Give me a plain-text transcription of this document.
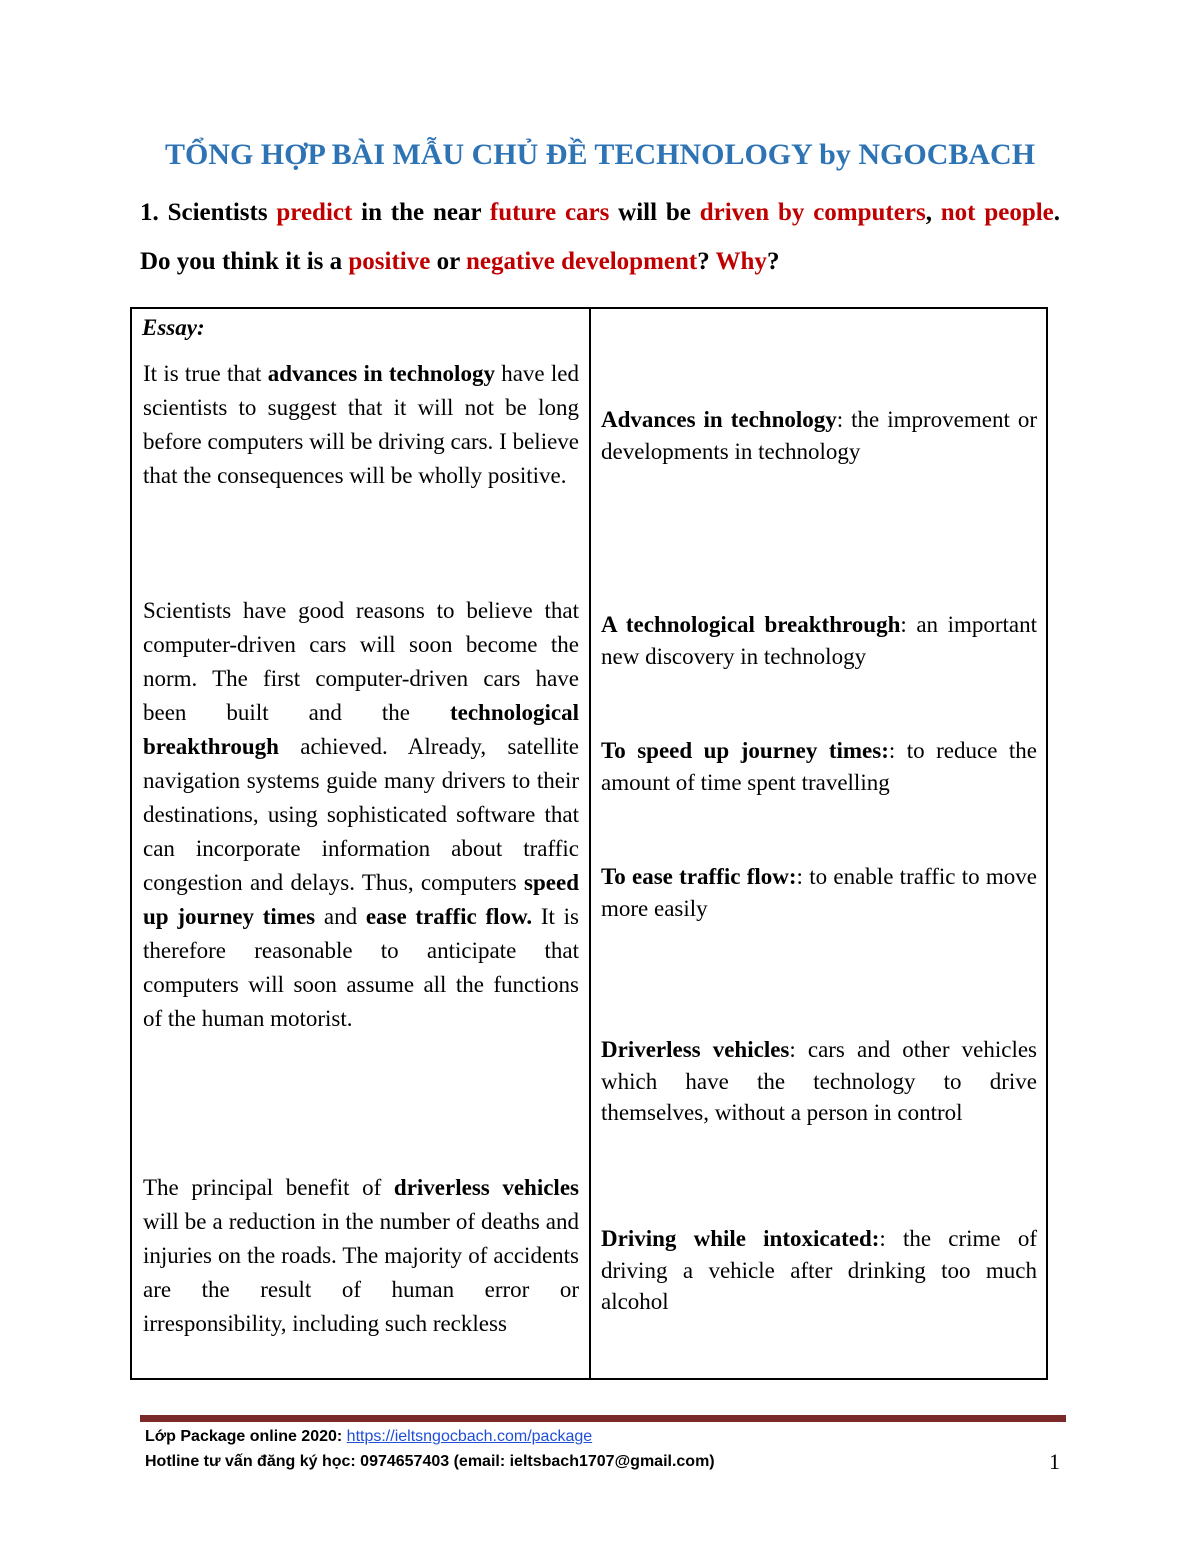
TỔNG HỢP BÀI MẪU CHỦ ĐỀ TECHNOLOGY by NGOCBACH

1. Scientists predict in the near future cars will be driven by computers, not people. Do you think it is a positive or negative development? Why?

Essay:

It is true that advances in technology have led scientists to suggest that it will not be long before computers will be driving cars. I believe that the consequences will be wholly positive.

Scientists have good reasons to believe that computer-driven cars will soon become the norm. The first computer-driven cars have been built and the technological breakthrough achieved. Already, satellite navigation systems guide many drivers to their destinations, using sophisticated software that can incorporate information about traffic congestion and delays. Thus, computers speed up journey times and ease traffic flow. It is therefore reasonable to anticipate that computers will soon assume all the functions of the human motorist.

The principal benefit of driverless vehicles will be a reduction in the number of deaths and injuries on the roads. The majority of accidents are the result of human error or irresponsibility, including such reckless

Advances in technology: the improvement or developments in technology

A technological breakthrough: an important new discovery in technology

To speed up journey times:: to reduce the amount of time spent travelling

To ease traffic flow:: to enable traffic to move more easily

Driverless vehicles: cars and other vehicles which have the technology to drive themselves, without a person in control

Driving while intoxicated:: the crime of driving a vehicle after drinking too much alcohol

Lớp Package online 2020: https://ieltsngocbach.com/package
Hotline tư vấn đăng ký học: 0974657403 (email: ieltsbach1707@gmail.com)	1
